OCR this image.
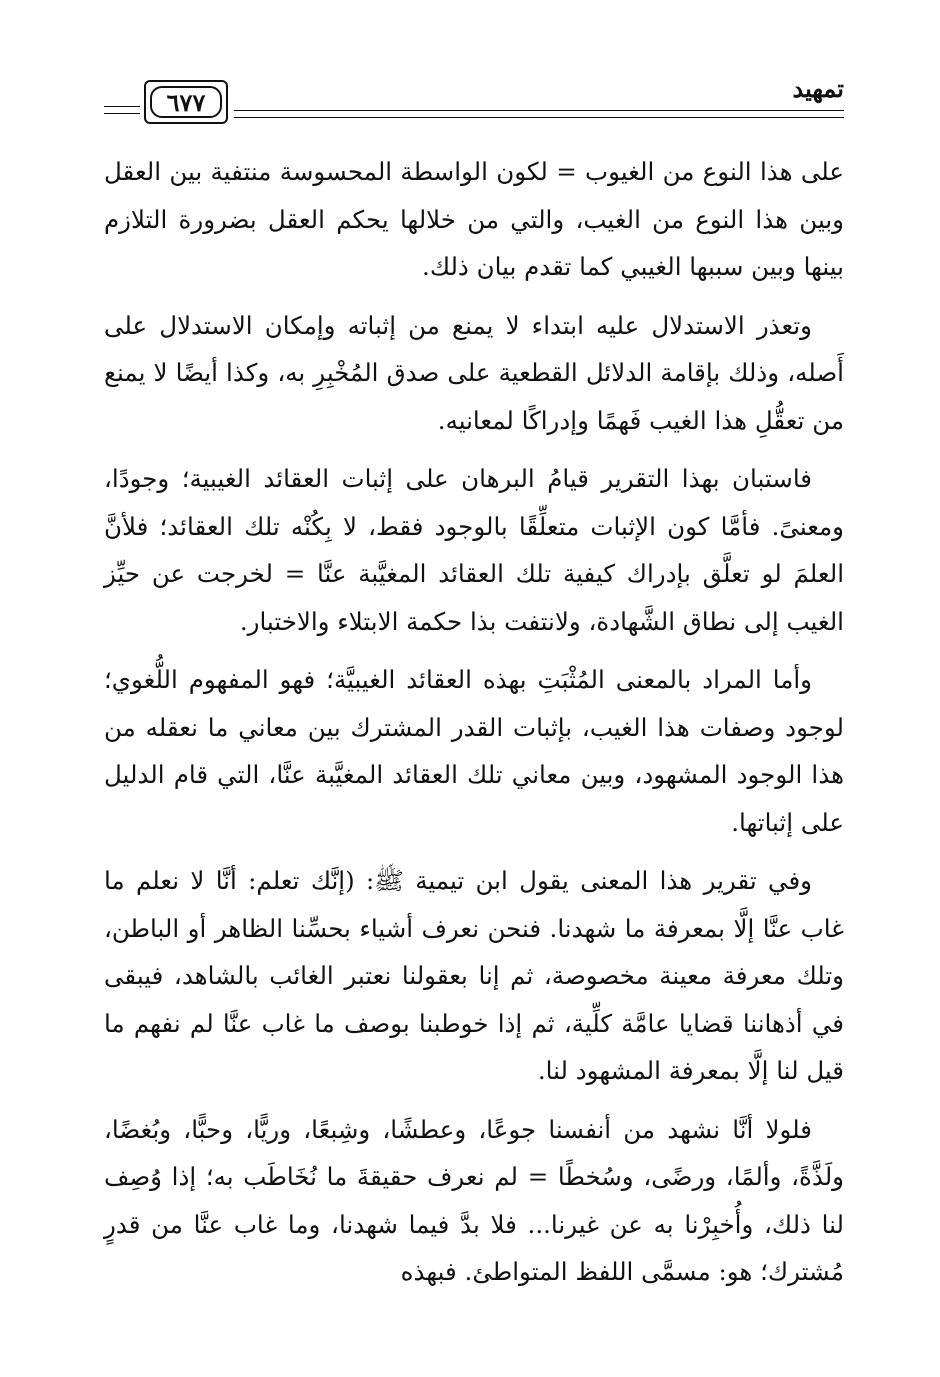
تمهيد
٦٧٧

على هذا النوع من الغيوب = لكون الواسطة المحسوسة منتفية بين العقل وبين هذا النوع من الغيب، والتي من خلالها يحكم العقل بضرورة التلازم بينها وبين سببها الغيبي كما تقدم بيان ذلك.

وتعذر الاستدلال عليه ابتداء لا يمنع من إثباته وإمكان الاستدلال على أَصله، وذلك بإقامة الدلائل القطعية على صدق المُخْبِرِ به، وكذا أيضًا لا يمنع من تعقُّلِ هذا الغيب فَهمًا وإدراكًا لمعانيه.

فاستبان بهذا التقرير قيامُ البرهان على إثبات العقائد الغيبية؛ وجودًا، ومعنىً. فأمَّا كون الإثبات متعلِّقًا بالوجود فقط، لا بِكُنْه تلك العقائد؛ فلأنَّ العلمَ لو تعلَّق بإدراك كيفية تلك العقائد المغيَّبة عنَّا = لخرجت عن حيِّز الغيب إلى نطاق الشَّهادة، ولانتفت بذا حكمة الابتلاء والاختبار.

وأما المراد بالمعنى المُثْبَتِ بهذه العقائد الغيبيَّة؛ فهو المفهوم اللُّغوي؛ لوجود وصفات هذا الغيب، بإثبات القدر المشترك بين معاني ما نعقله من هذا الوجود المشهود، وبين معاني تلك العقائد المغيَّبة عنَّا، التي قام الدليل على إثباتها.

وفي تقرير هذا المعنى يقول ابن تيمية ﷺ: (إنَّك تعلم: أنَّا لا نعلم ما غاب عنَّا إلَّا بمعرفة ما شهدنا. فنحن نعرف أشياء بحسِّنا الظاهر أو الباطن، وتلك معرفة معينة مخصوصة، ثم إنا بعقولنا نعتبر الغائب بالشاهد، فيبقى في أذهاننا قضايا عامَّة كلِّية، ثم إذا خوطبنا بوصف ما غاب عنَّا لم نفهم ما قيل لنا إلَّا بمعرفة المشهود لنا.

فلولا أنَّا نشهد من أنفسنا جوعًا، وعطشًا، وشِبعًا، وريًّا، وحبًّا، وبُغضًا، ولَذَّةً، وألمًا، ورضًى، وسُخطًا = لم نعرف حقيقةَ ما نُخَاطَب به؛ إذا وُصِف لنا ذلك، وأُخبِرْنا به عن غيرنا... فلا بدَّ فيما شهدنا، وما غاب عنَّا من قدرٍ مُشترك؛ هو: مسمَّى اللفظ المتواطئ. فبهذه
